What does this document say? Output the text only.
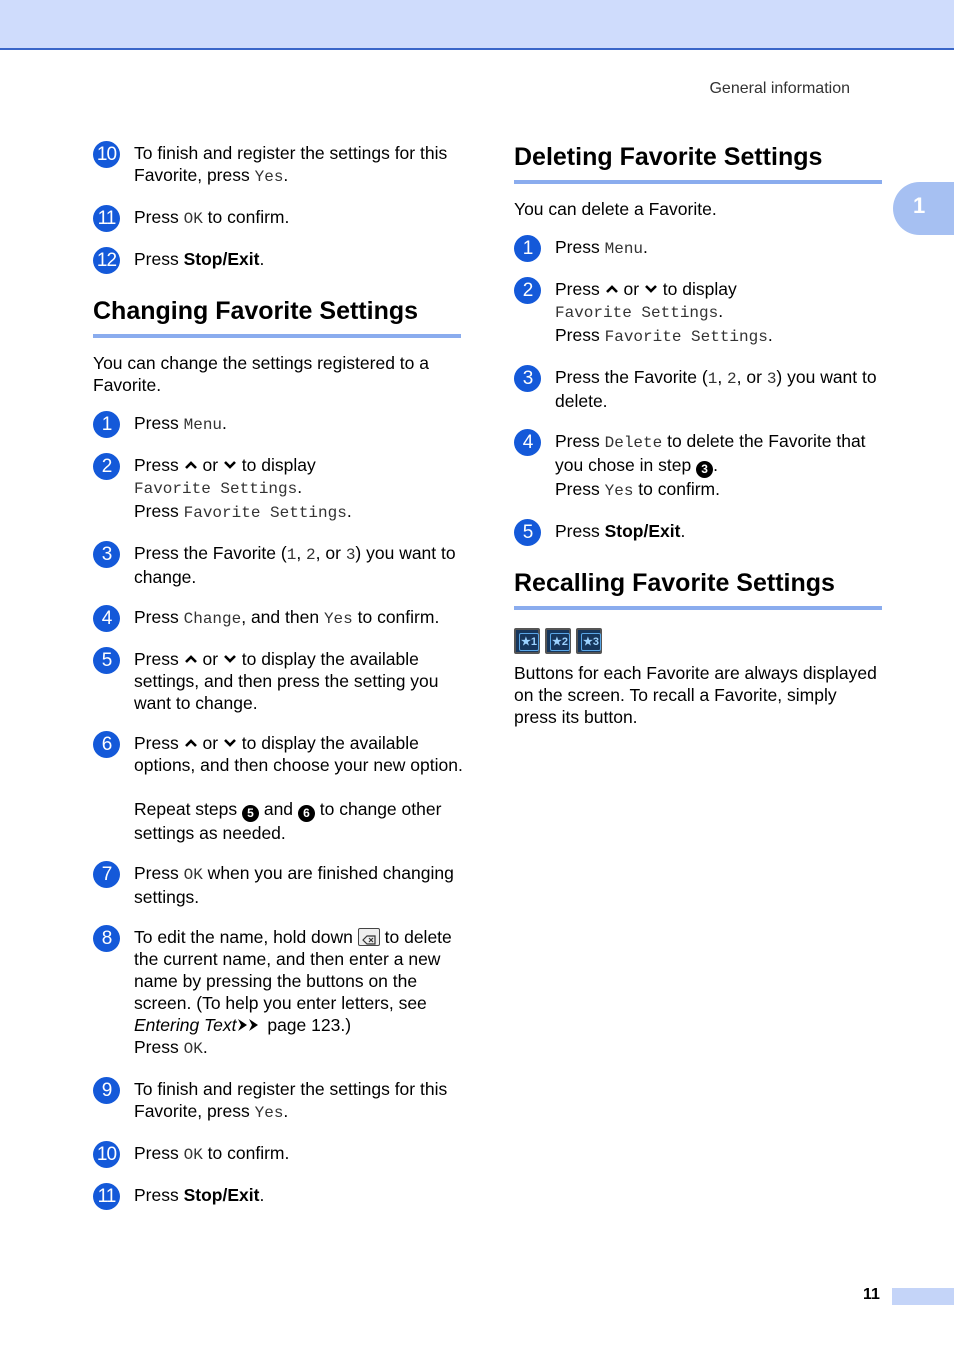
General information
1
10 To finish and register the settings for this Favorite, press Yes.
11 Press OK to confirm.
12 Press Stop/Exit.
Changing Favorite Settings

You can change the settings registered to a Favorite.

1	Press Menu.
2	Press  or  to display
Favorite Settings.
Press Favorite Settings.
3	Press the Favorite (1, 2, or 3) you want to change.
4	Press Change, and then Yes to confirm.
5	Press  or  to display the available settings, and then press the setting you want to change.
6	Press  or  to display the available options, and then choose your new option.
Repeat steps 5 and 6 to change other settings as needed.
7	Press OK when you are finished changing settings.
8	To edit the name, hold down  to delete the current name, and then enter a new name by pressing the buttons on the screen. (To help you enter letters, see Entering Text page 123.)
Press OK.
9	To finish and register the settings for this Favorite, press Yes.
10 Press OK to confirm.
11 Press Stop/Exit.
Deleting Favorite Settings

You can delete a Favorite.

1	Press Menu.
2	Press  or  to display
Favorite Settings.
Press Favorite Settings.
3	Press the Favorite (1, 2, or 3) you want to delete.
4	Press Delete to delete the Favorite that you chose in step 3 .
Press Yes to confirm.
5	Press Stop/Exit.
Recalling Favorite Settings
★1 ★2 ★3

Buttons for each Favorite are always displayed on the screen. To recall a Favorite, simply press its button.

11
